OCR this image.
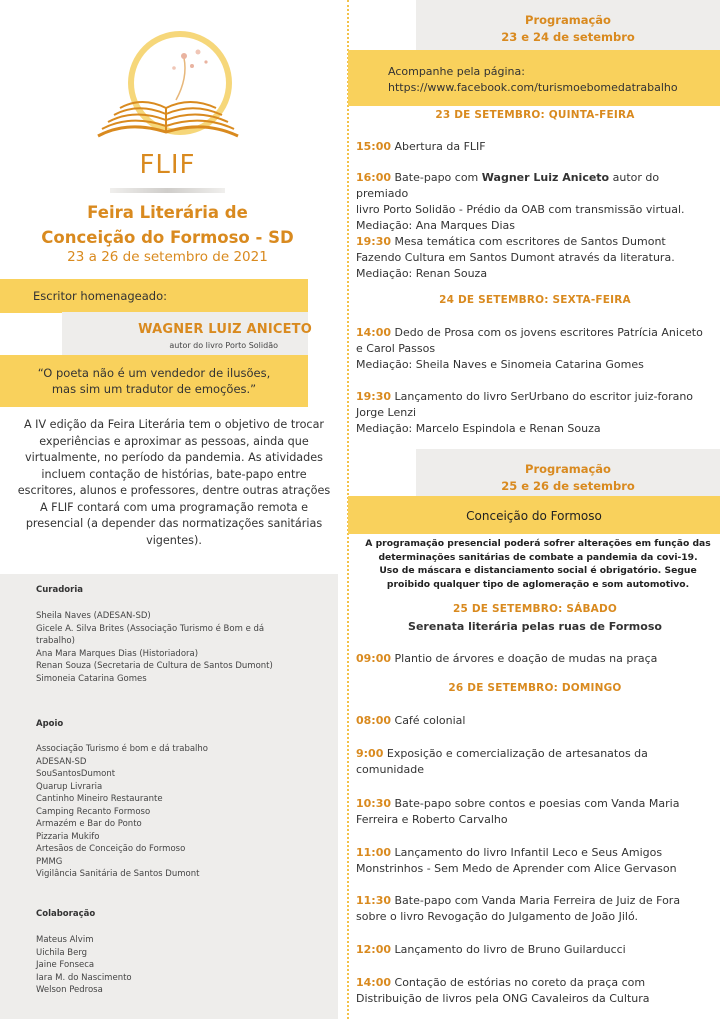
FLIF
Feira Literária de
Conceição do Formoso - SD
23 a 26 de setembro de 2021
Escritor homenageado:
WAGNER LUIZ ANICETO
autor do livro Porto Solidão
“O poeta não é um vendedor de ilusões,
mas sim um tradutor de emoções.”
A IV edição da Feira Literária tem o objetivo de trocar
experiências e aproximar as pessoas, ainda que
virtualmente, no período da pandemia. As atividades
incluem contação de histórias, bate-papo entre
escritores, alunos e professores, dentre outras atrações
A FLIF contará com uma programação remota e
presencial (a depender das normatizações sanitárias
vigentes).
Curadoria
Sheila Naves (ADESAN-SD)
Gicele A. Silva Brites (Associação Turismo é Bom e dá
trabalho)
Ana Mara Marques Dias (Historiadora)
Renan Souza (Secretaria de Cultura de Santos Dumont)
Simoneia Catarina Gomes
Apoio
Associação Turismo é bom e dá trabalho
ADESAN-SD
SouSantosDumont
Quarup Livraria
Cantinho Mineiro Restaurante
Camping Recanto Formoso
Armazém e Bar do Ponto
Pizzaria Mukifo
Artesãos de Conceição do Formoso
PMMG
Vigilância Sanitária de Santos Dumont
Colaboração
Mateus Alvim
Uichila Berg
Jaine Fonseca
Iara M. do Nascimento
Welson Pedrosa
Programação
23 e 24 de setembro
Acompanhe pela página:
https://www.facebook.com/turismoebomedatrabalho
23 DE SETEMBRO: QUINTA-FEIRA
15:00 Abertura da FLIF
16:00 Bate-papo com Wagner Luiz Aniceto autor do premiado
livro Porto Solidão - Prédio da OAB com transmissão virtual.
Mediação: Ana Marques Dias
19:30 Mesa temática com escritores de Santos Dumont
Fazendo Cultura em Santos Dumont através da literatura.
Mediação: Renan Souza
24 DE SETEMBRO: SEXTA-FEIRA
14:00 Dedo de Prosa com os jovens escritores Patrícia Aniceto
e Carol Passos
Mediação: Sheila Naves e Sinomeia Catarina Gomes
19:30 Lançamento do livro SerUrbano do escritor juiz-forano
Jorge Lenzi
Mediação: Marcelo Espindola e Renan Souza
Programação
25 e 26 de setembro
Conceição do Formoso
A programação presencial poderá sofrer alterações em função das
determinações sanitárias de combate a pandemia da covi-19.
Uso de máscara e distanciamento social é obrigatório. Segue
proibido qualquer tipo de aglomeração e som automotivo.
25 DE SETEMBRO: SÁBADO
Serenata literária pelas ruas de Formoso
09:00 Plantio de árvores e doação de mudas na praça
26 DE SETEMBRO: DOMINGO
08:00 Café colonial
9:00 Exposição e comercialização de artesanatos da
comunidade
10:30 Bate-papo sobre contos e poesias com Vanda Maria
Ferreira e Roberto Carvalho
11:00 Lançamento do livro Infantil Leco e Seus Amigos
Monstrinhos - Sem Medo de Aprender com Alice Gervason
11:30 Bate-papo com Vanda Maria Ferreira de Juiz de Fora
sobre o livro Revogação do Julgamento de João Jiló.
12:00 Lançamento do livro de Bruno Guilarducci
14:00 Contação de estórias no coreto da praça com
Distribuição de livros pela ONG Cavaleiros da Cultura
